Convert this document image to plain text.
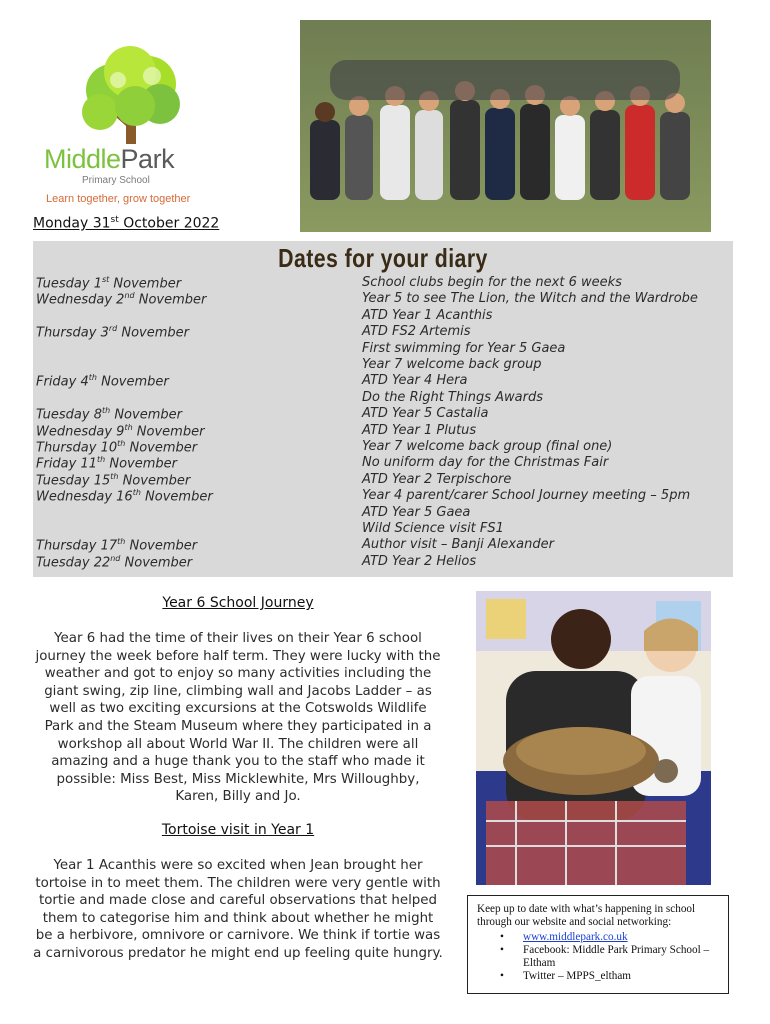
MiddlePark
Primary School
Learn together, grow together
Monday 31st October 2022
Dates for your diary
Tuesday 1st November	School clubs begin for the next 6 weeks
Wednesday 2nd November	Year 5 to see The Lion, the Witch and the Wardrobe
ATD Year 1 Acanthis
Thursday 3rd November	ATD FS2 Artemis
First swimming for Year 5 Gaea
Year 7 welcome back group
Friday 4th November	ATD Year 4 Hera
Do the Right Things Awards
Tuesday 8th November	ATD Year 5 Castalia
Wednesday 9th November	ATD Year 1 Plutus
Thursday 10th November	Year 7 welcome back group (final one)
Friday 11th November	No uniform day for the Christmas Fair
Tuesday 15th November	ATD Year 2 Terpischore
Wednesday 16th November	Year 4 parent/carer School Journey meeting – 5pm
ATD Year 5 Gaea
Wild Science visit FS1
Thursday 17th November	Author visit – Banji Alexander
Tuesday 22nd November	ATD Year 2 Helios
Year 6 School Journey
Year 6 had the time of their lives on their Year 6 school journey the week before half term. They were lucky with the weather and got to enjoy so many activities including the giant swing, zip line, climbing wall and Jacobs Ladder – as well as two exciting excursions at the Cotswolds Wildlife Park and the Steam Museum where they participated in a workshop all about World War II. The children were all amazing and a huge thank you to the staff who made it possible: Miss Best, Miss Micklewhite, Mrs Willoughby, Karen, Billy and Jo.
Tortoise visit in Year 1
Year 1 Acanthis were so excited when Jean brought her tortoise in to meet them. The children were very gentle with tortie and made close and careful observations that helped them to categorise him and think about whether he might be a herbivore, omnivore or carnivore. We think if tortie was a carnivorous predator he might end up feeling quite hungry.
Keep up to date with what’s happening in school through our website and social networking:
• www.middlepark.co.uk
• Facebook: Middle Park Primary School – Eltham
• Twitter – MPPS_eltham
